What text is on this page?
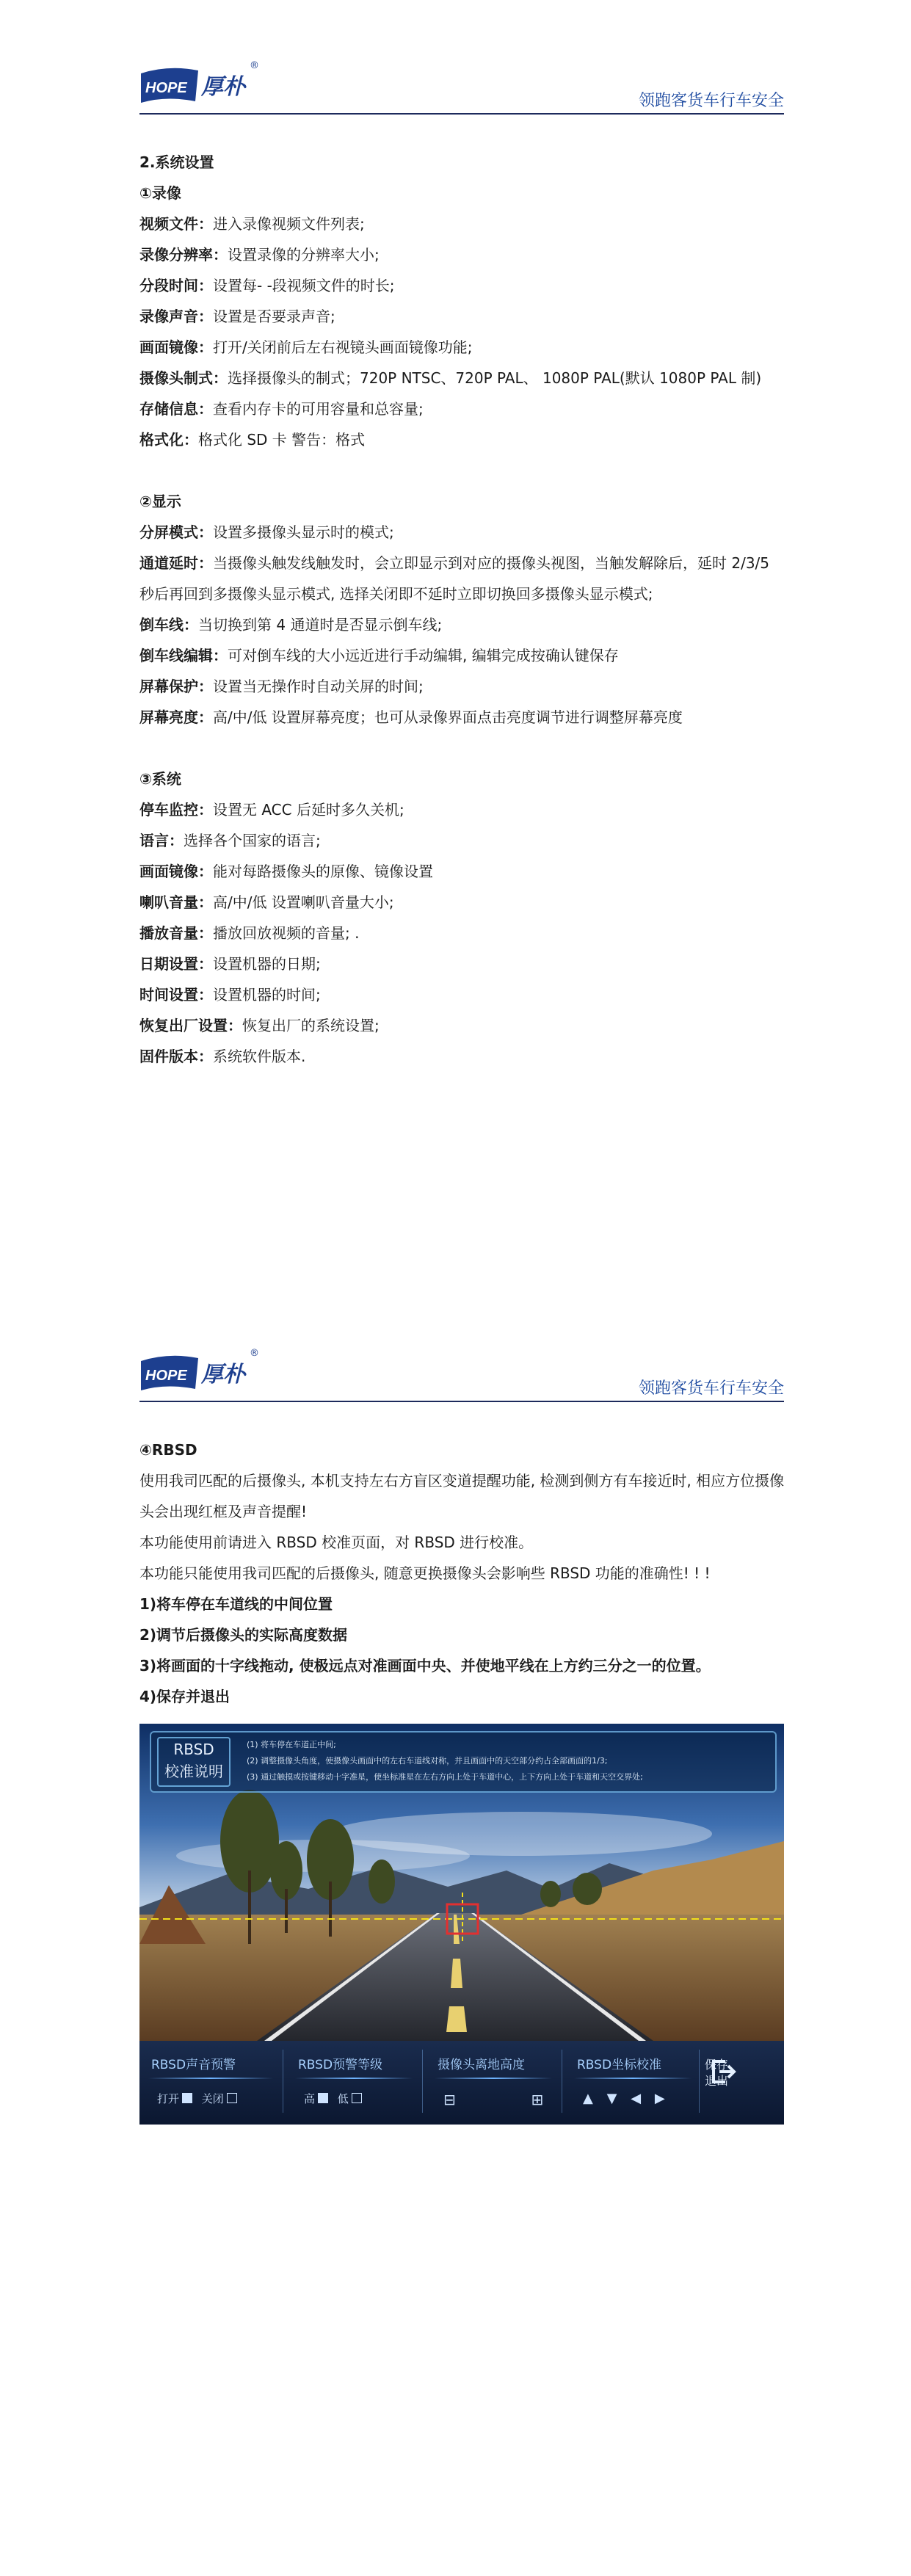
HOPE 厚朴
®
领跑客货车行车安全
2.系统设置
①录像
视频文件：进入录像视频文件列表;
录像分辨率：设置录像的分辨率大小;
分段时间：设置每- -段视频文件的时长;
录像声音：设置是否要录声音;
画面镜像：打开/关闭前后左右视镜头画面镜像功能;
摄像头制式：选择摄像头的制式；720P NTSC、720P PAL、 1080P PAL(默认 1080P PAL 制)
存储信息：查看内存卡的可用容量和总容量;
格式化：格式化 SD 卡 警告：格式
②显示
分屏模式：设置多摄像头显示时的模式;
通道延时：当摄像头触发线触发时，会立即显示到对应的摄像头视图，当触发解除后，延时 2/3/5 秒后再回到多摄像头显示模式, 选择关闭即不延时立即切换回多摄像头显示模式;
倒车线：当切换到第 4 通道时是否显示倒车线;
倒车线编辑：可对倒车线的大小远近进行手动编辑, 编辑完成按确认键保存
屏幕保护：设置当无操作时自动关屏的时间;
屏幕亮度：高/中/低 设置屏幕亮度；也可从录像界面点击亮度调节进行调整屏幕亮度
③系统
停车监控：设置无 ACC 后延时多久关机;
语言：选择各个国家的语言;
画面镜像：能对每路摄像头的原像、镜像设置
喇叭音量：高/中/低 设置喇叭音量大小;
播放音量：播放回放视频的音量; .
日期设置：设置机器的日期;
时间设置：设置机器的时间;
恢复出厂设置：恢复出厂的系统设置;
固件版本：系统软件版本.
HOPE 厚朴
®
领跑客货车行车安全
④RBSD
使用我司匹配的后摄像头, 本机支持左右方盲区变道提醒功能, 检测到侧方有车接近时, 相应方位摄像头会出现红框及声音提醒!
本功能使用前请进入 RBSD 校准页面，对 RBSD 进行校准。
本功能只能使用我司匹配的后摄像头, 随意更换摄像头会影响些 RBSD 功能的准确性! ! !
1)将车停在车道线的中间位置
2)调节后摄像头的实际高度数据
3)将画面的十字线拖动, 使极远点对准画面中央、并使地平线在上方约三分之一的位置。
4)保存并退出
RBSD
校准说明
(1) 将车停在车道正中间;
(2) 调整摄像头角度，使摄像头画面中的左右车道线对称，并且画面中的天空部分约占全部画面的1/3;
(3) 通过触摸或按键移动十字准星，使坐标准星在左右方向上处于车道中心，上下方向上处于车道和天空交界处;
RBSD声音预警
打开 关闭
RBSD预警等级
高 低
摄像头离地高度
⊟	⊞
RBSD坐标校准
▲ ▼ ◀ ▶
保存
退出
